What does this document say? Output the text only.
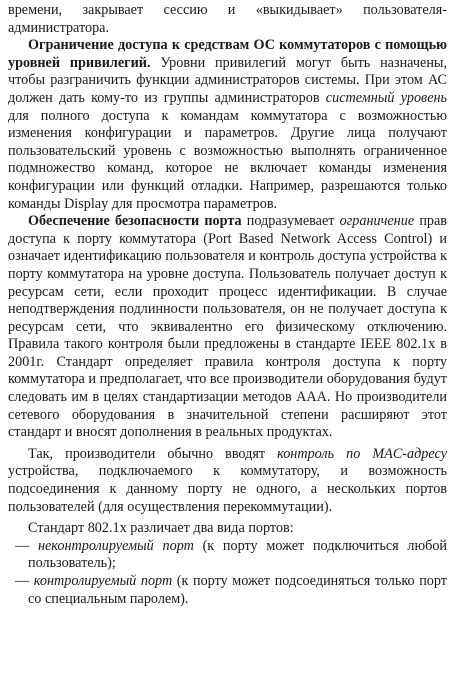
времени, закрывает сессию и «выкидывает» пользователя-администратора.

Ограничение доступа к средствам ОС коммутаторов с помощью уровней привилегий. Уровни привилегий могут быть назначены, чтобы разграничить функции администраторов системы. При этом АС должен дать кому-то из группы администраторов системный уровень для полного доступа к командам коммутатора с возможностью изменения конфигурации и параметров. Другие лица получают пользовательский уровень с возможностью выполнять ограниченное подмножество команд, которое не включает команды изменения конфигурации или функций отладки. Например, разрешаются только команды Display для просмотра параметров.

Обеспечение безопасности порта подразумевает ограничение прав доступа к порту коммутатора (Port Based Network Access Control) и означает идентификацию пользователя и контроль доступа устройства к порту коммутатора на уровне доступа. Пользователь получает доступ к ресурсам сети, если проходит процесс идентификации. В случае неподтверждения подлинности пользователя, он не получает доступа к ресурсам сети, что эквивалентно его физическому отключению. Правила такого контроля были предложены в стандарте IEEE 802.1x в 2001г. Стандарт определяет правила контроля доступа к порту коммутатора и предполагает, что все производители оборудования будут следовать им в целях стандартизации методов ААА. Но производители сетевого оборудования в значительной степени расширяют этот стандарт и вносят дополнения в реальных продуктах.

Так, производители обычно вводят контроль по MAC-адресу устройства, подключаемого к коммутатору, и возможность подсоединения к данному порту не одного, а нескольких портов пользователей (для осуществления перекоммутации).

Стандарт 802.1x различает два вида портов:

— неконтролируемый порт (к порту может подключиться любой пользователь);
— контролируемый порт (к порту может подсоединяться только порт со специальным паролем).
